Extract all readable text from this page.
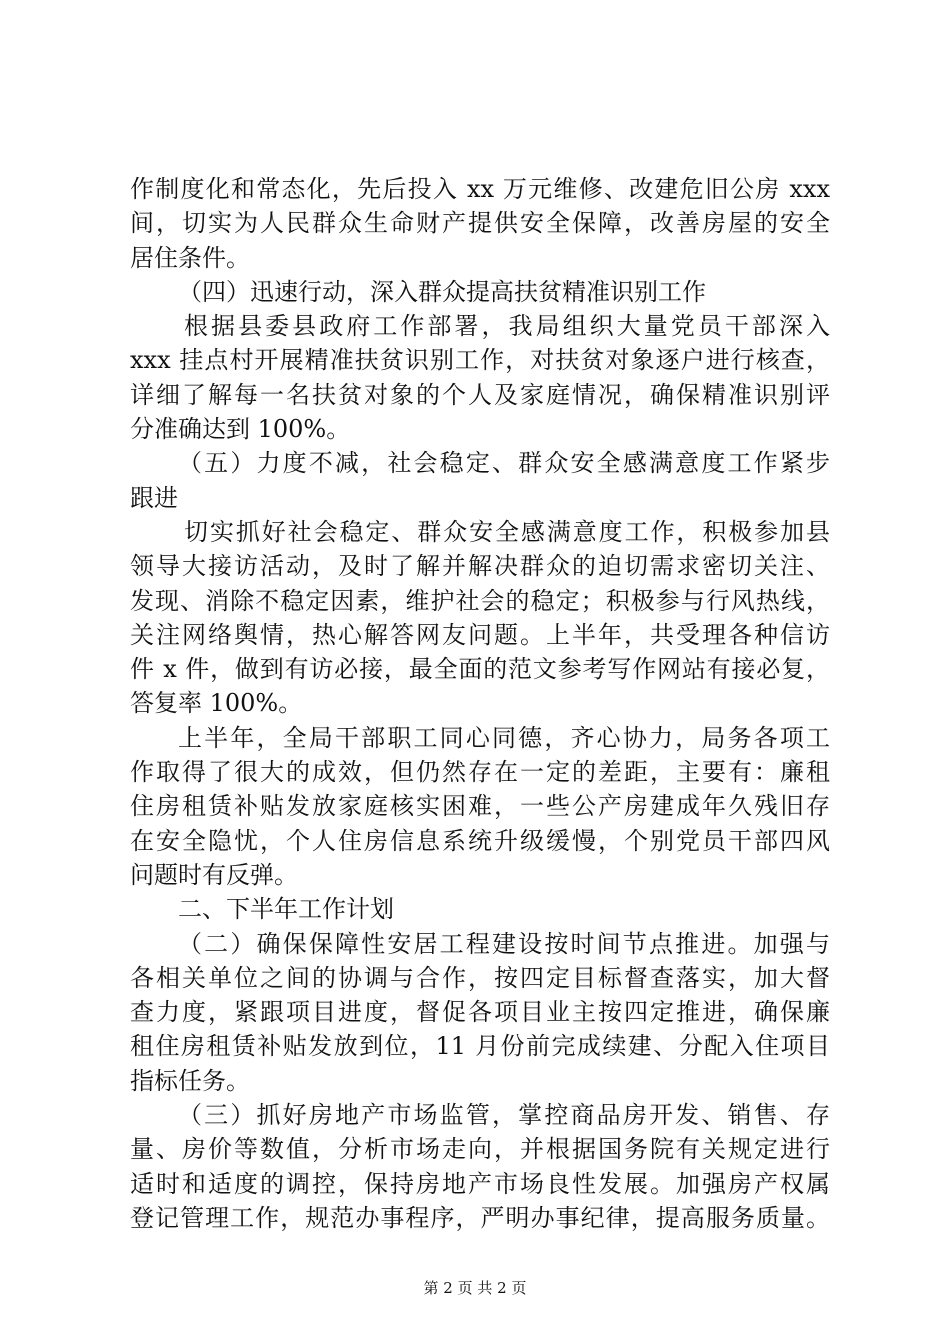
作制度化和常态化，先后投入 xx 万元维修、改建危旧公房 xxx
间，切实为人民群众生命财产提供安全保障，改善房屋的安全
居住条件。
（四）迅速行动，深入群众提高扶贫精准识别工作
根据县委县政府工作部署，我局组织大量党员干部深入
xxx 挂点村开展精准扶贫识别工作，对扶贫对象逐户进行核查，
详细了解每一名扶贫对象的个人及家庭情况，确保精准识别评
分准确达到 100%。
（五）力度不减，社会稳定、群众安全感满意度工作紧步
跟进
切实抓好社会稳定、群众安全感满意度工作，积极参加县
领导大接访活动，及时了解并解决群众的迫切需求密切关注、
发现、消除不稳定因素，维护社会的稳定；积极参与行风热线，
关注网络舆情，热心解答网友问题。上半年，共受理各种信访
件 x 件，做到有访必接，最全面的范文参考写作网站有接必复，
答复率 100%。
上半年，全局干部职工同心同德，齐心协力，局务各项工
作取得了很大的成效，但仍然存在一定的差距，主要有：廉租
住房租赁补贴发放家庭核实困难，一些公产房建成年久残旧存
在安全隐忧，个人住房信息系统升级缓慢，个别党员干部四风
问题时有反弹。
二、下半年工作计划
（二）确保保障性安居工程建设按时间节点推进。加强与
各相关单位之间的协调与合作，按四定目标督查落实，加大督
查力度，紧跟项目进度，督促各项目业主按四定推进，确保廉
租住房租赁补贴发放到位，11 月份前完成续建、分配入住项目
指标任务。
（三）抓好房地产市场监管，掌控商品房开发、销售、存
量、房价等数值，分析市场走向，并根据国务院有关规定进行
适时和适度的调控，保持房地产市场良性发展。加强房产权属
登记管理工作，规范办事程序，严明办事纪律，提高服务质量。
第 2 页 共 2 页
